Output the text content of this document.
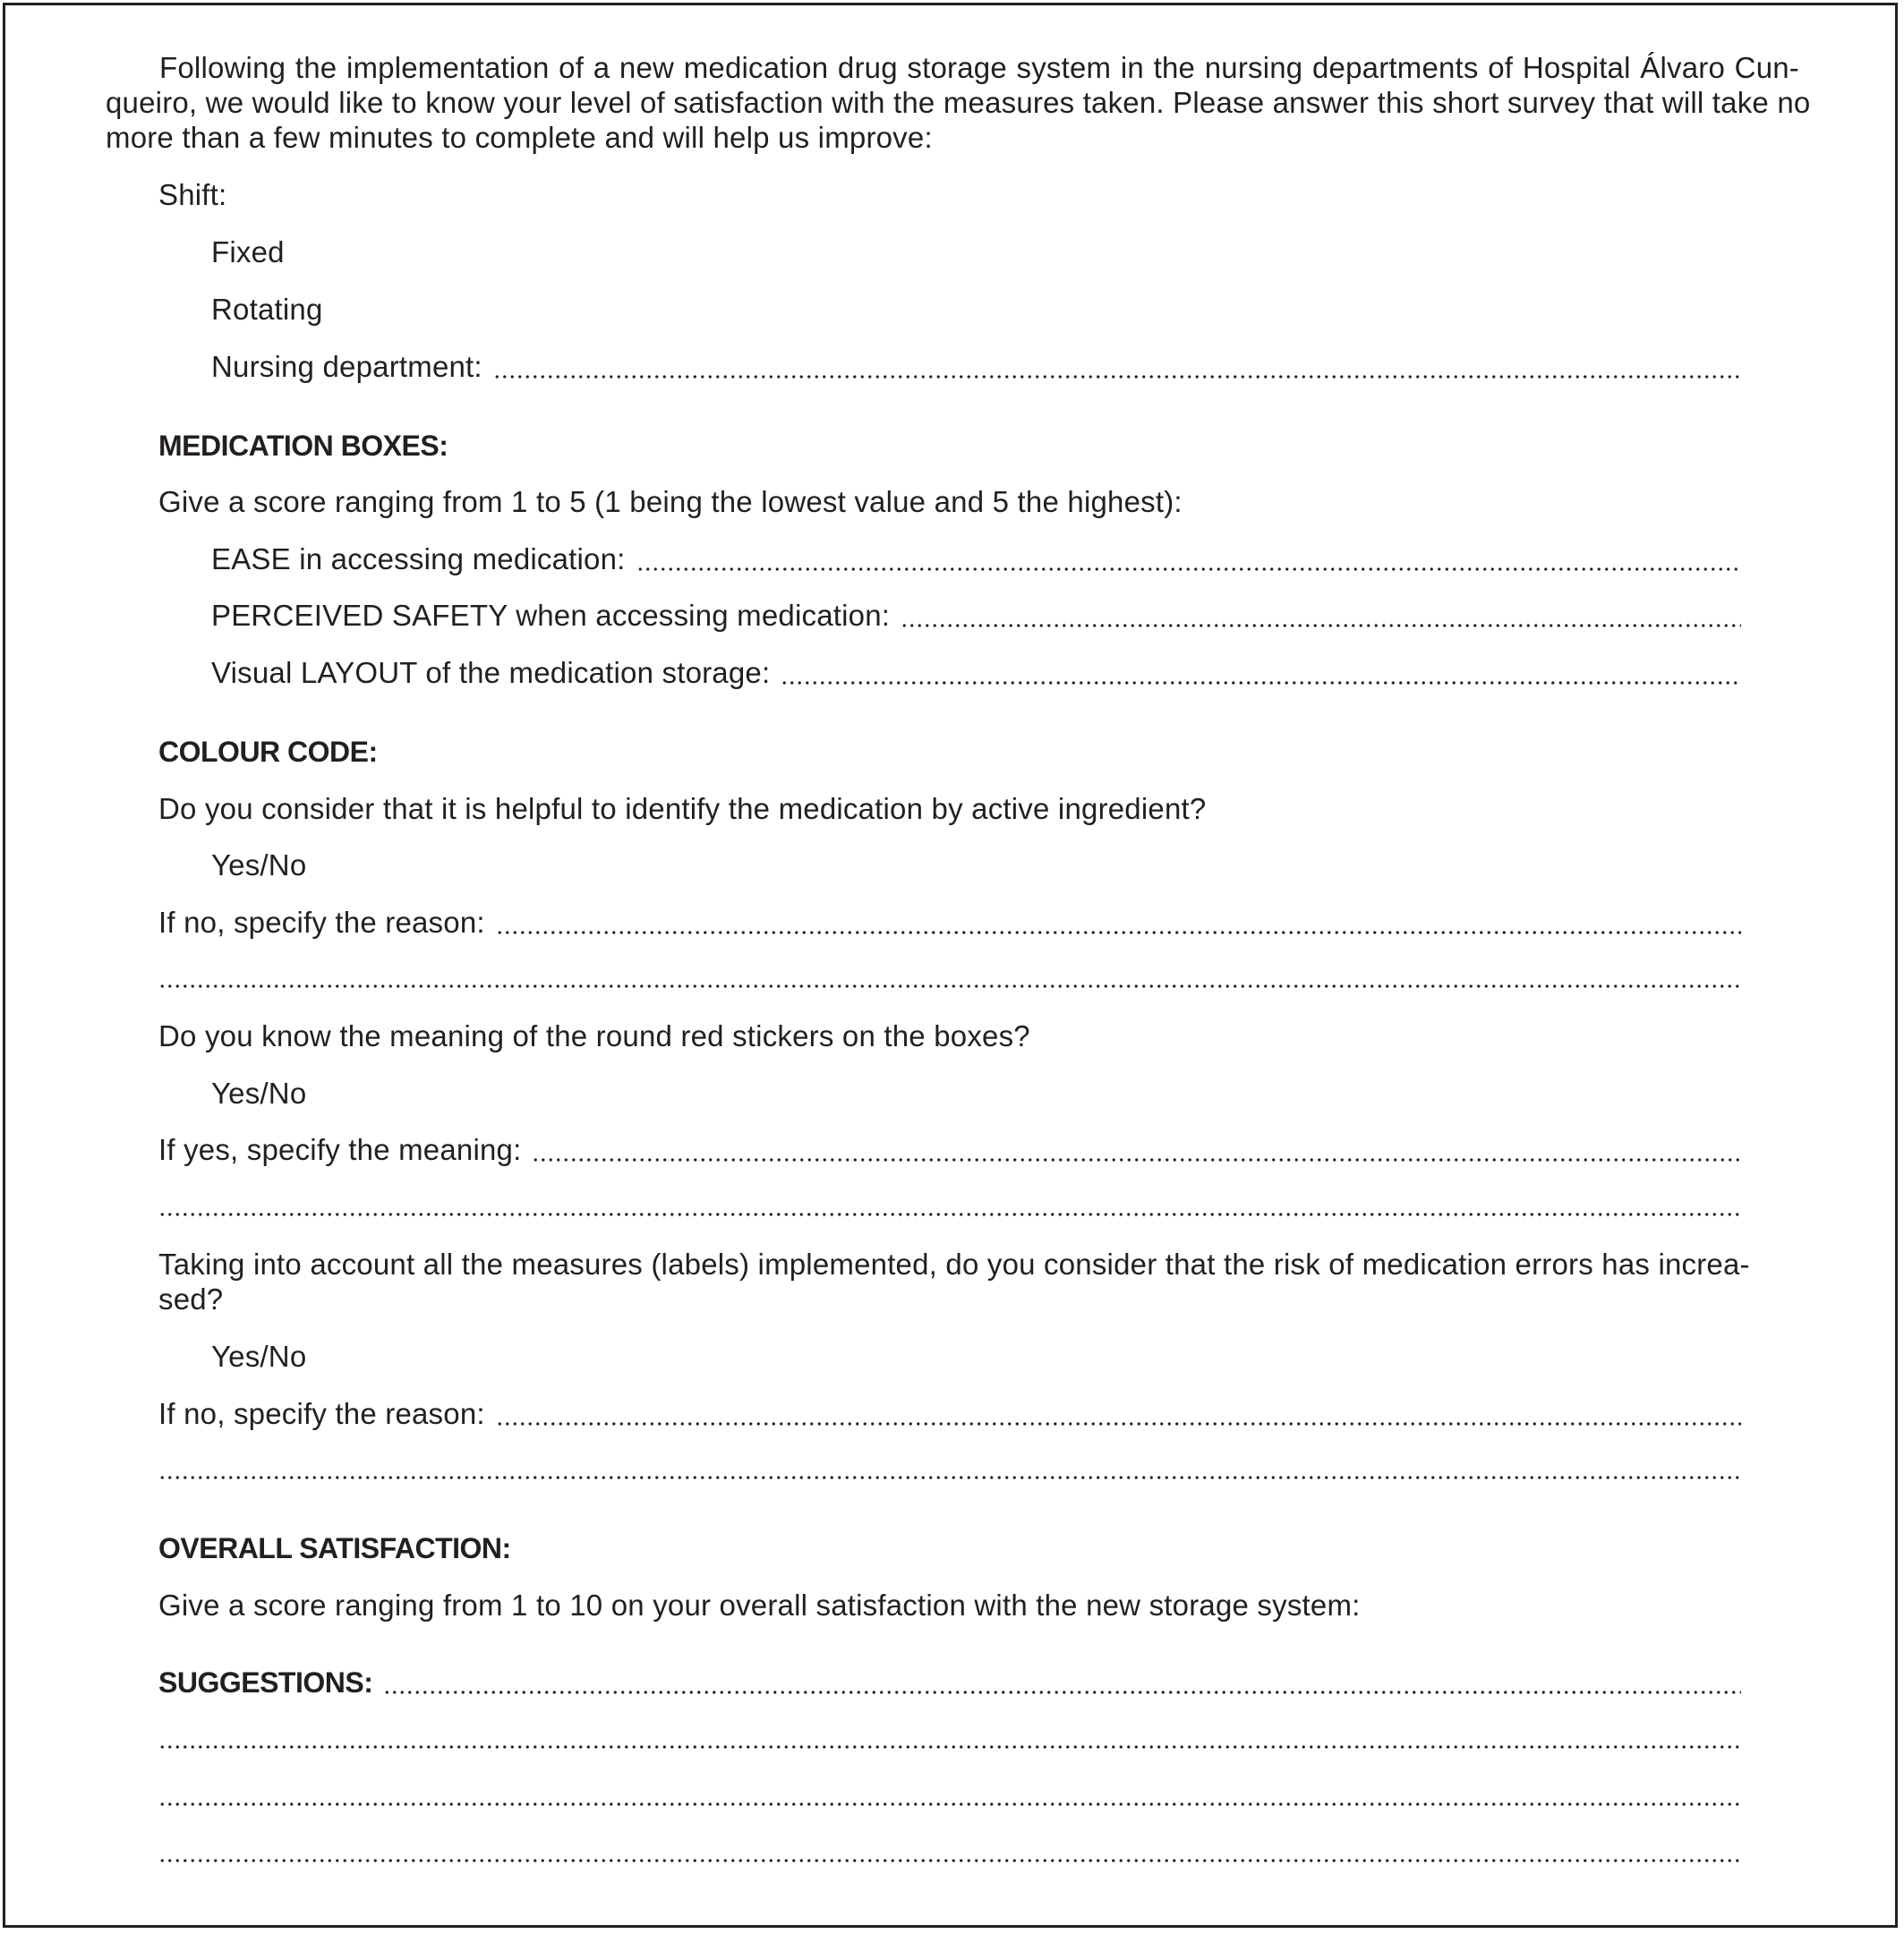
Following the implementation of a new medication drug storage system in the nursing departments of Hospital Álvaro Cun-
queiro, we would like to know your level of satisfaction with the measures taken. Please answer this short survey that will take no
more than a few minutes to complete and will help us improve:
Shift:
Fixed
Rotating
Nursing department:
MEDICATION BOXES:
Give a score ranging from 1 to 5 (1 being the lowest value and 5 the highest):
EASE in accessing medication:
PERCEIVED SAFETY when accessing medication:
Visual LAYOUT of the medication storage:
COLOUR CODE:
Do you consider that it is helpful to identify the medication by active ingredient?
Yes/No
If no, specify the reason:
Do you know the meaning of the round red stickers on the boxes?
Yes/No
If yes, specify the meaning:
Taking into account all the measures (labels) implemented, do you consider that the risk of medication errors has increa-
sed?
Yes/No
If no, specify the reason:
OVERALL SATISFACTION:
Give a score ranging from 1 to 10 on your overall satisfaction with the new storage system:
SUGGESTIONS:
